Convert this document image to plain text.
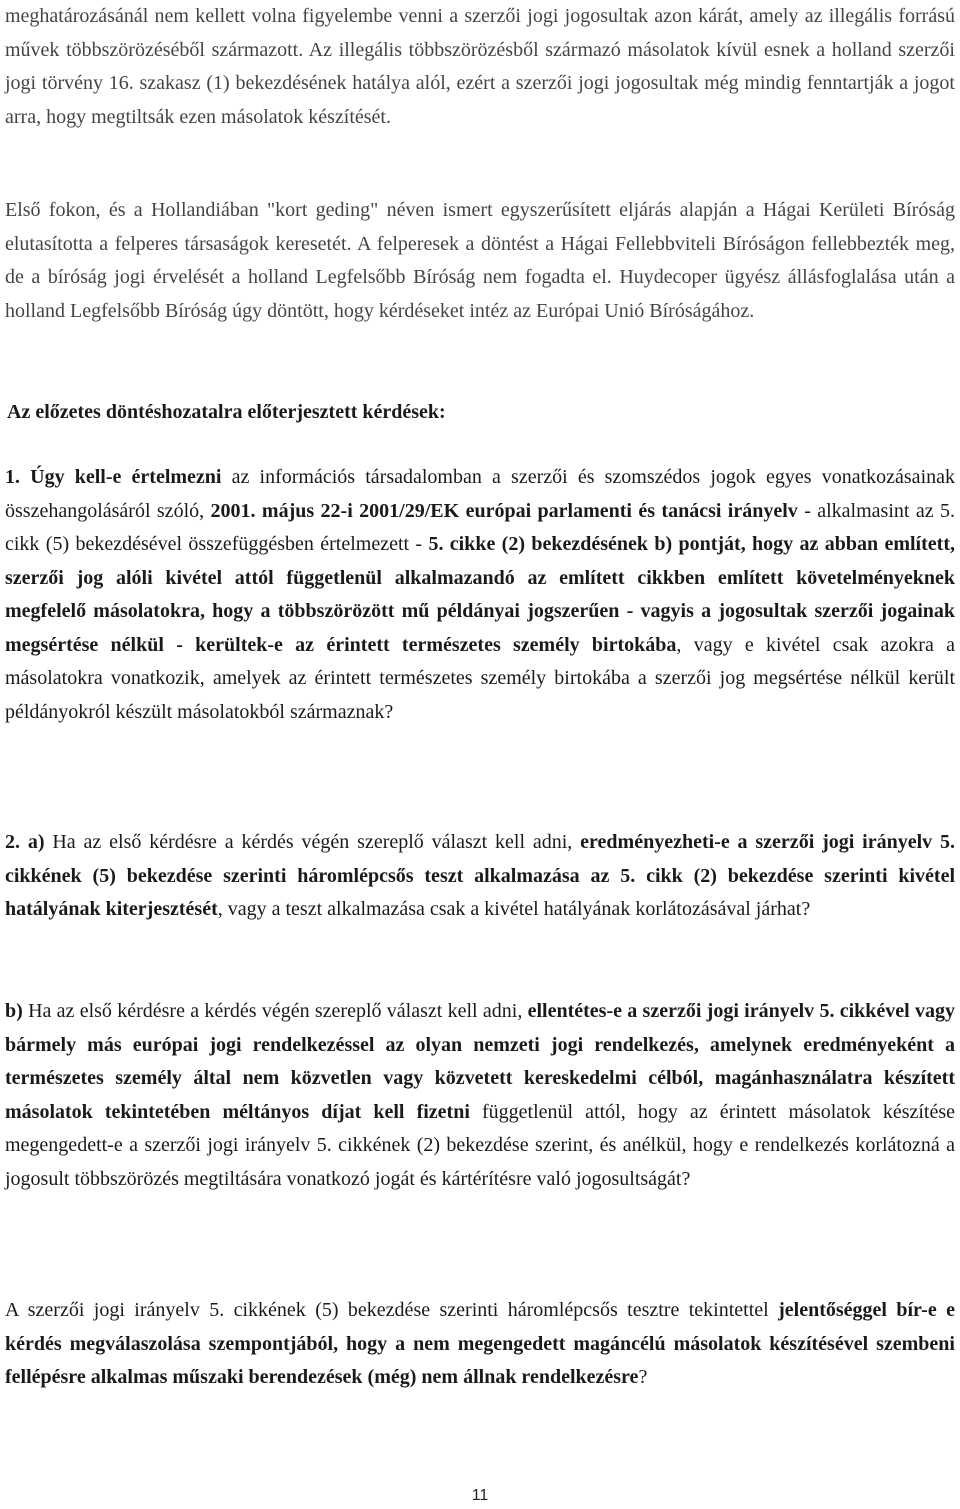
meghatározásánál nem kellett volna figyelembe venni a szerzői jogi jogosultak azon kárát, amely az illegális forrású művek többszörözéséből származott. Az illegális többszörözésből származó másolatok kívül esnek a holland szerzői jogi törvény 16. szakasz (1) bekezdésének hatálya alól, ezért a szerzői jogi jogosultak még mindig fenntartják a jogot arra, hogy megtiltsák ezen másolatok készítését.

Első fokon, és a Hollandiában "kort geding" néven ismert egyszerűsített eljárás alapján a Hágai Kerületi Bíróság elutasította a felperes társaságok keresetét. A felperesek a döntést a Hágai Fellebbviteli Bíróságon fellebbezték meg, de a bíróság jogi érvelését a holland Legfelsőbb Bíróság nem fogadta el. Huydecoper ügyész állásfoglalása után a holland Legfelsőbb Bíróság úgy döntött, hogy kérdéseket intéz az Európai Unió Bíróságához.

Az előzetes döntéshozatalra előterjesztett kérdések:

1. Úgy kell-e értelmezni az információs társadalomban a szerzői és szomszédos jogok egyes vonatkozásainak összehangolásáról szóló, 2001. május 22-i 2001/29/EK európai parlamenti és tanácsi irányelv - alkalmasint az 5. cikk (5) bekezdésével összefüggésben értelmezett - 5. cikke (2) bekezdésének b) pontját, hogy az abban említett, szerzői jog alóli kivétel attól függetlenül alkalmazandó az említett cikkben említett követelményeknek megfelelő másolatokra, hogy a többszörözött mű példányai jogszerűen - vagyis a jogosultak szerzői jogainak megsértése nélkül - kerültek-e az érintett természetes személy birtokába, vagy e kivétel csak azokra a másolatokra vonatkozik, amelyek az érintett természetes személy birtokába a szerzői jog megsértése nélkül került példányokról készült másolatokból származnak?

2. a) Ha az első kérdésre a kérdés végén szereplő választ kell adni, eredményezheti-e a szerzői jogi irányelv 5. cikkének (5) bekezdése szerinti háromlépcsős teszt alkalmazása az 5. cikk (2) bekezdése szerinti kivétel hatályának kiterjesztését, vagy a teszt alkalmazása csak a kivétel hatályának korlátozásával járhat?

b) Ha az első kérdésre a kérdés végén szereplő választ kell adni, ellentétes-e a szerzői jogi irányelv 5. cikkével vagy bármely más európai jogi rendelkezéssel az olyan nemzeti jogi rendelkezés, amelynek eredményeként a természetes személy által nem közvetlen vagy közvetett kereskedelmi célból, magánhasználatra készített másolatok tekintetében méltányos díjat kell fizetni függetlenül attól, hogy az érintett másolatok készítése megengedett-e a szerzői jogi irányelv 5. cikkének (2) bekezdése szerint, és anélkül, hogy e rendelkezés korlátozná a jogosult többszörözés megtiltására vonatkozó jogát és kártérítésre való jogosultságát?

A szerzői jogi irányelv 5. cikkének (5) bekezdése szerinti háromlépcsős tesztre tekintettel jelentőséggel bír-e e kérdés megválaszolása szempontjából, hogy a nem megengedett magáncélú másolatok készítésével szembeni fellépésre alkalmas műszaki berendezések (még) nem állnak rendelkezésre?

11
